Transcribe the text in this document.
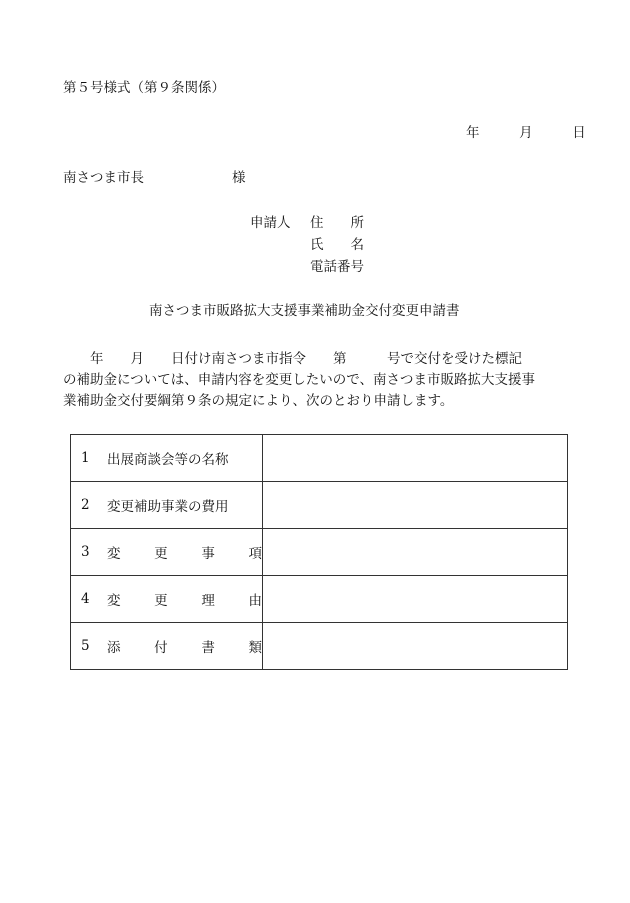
第５号様式（第９条関係）
年	月	日
南さつま市長	様
申請人 住　　所
氏　　名
電話番号
南さつま市販路拡大支援事業補助金交付変更申請書
　　年　　月　　日付け南さつま市指令　　第　　　号で交付を受けた標記
の補助金については、申請内容を変更したいので、南さつま市販路拡大支援事
業補助金交付要綱第９条の規定により、次のとおり申請します。
1 出展商談会等の名称	

2 変更補助事業の費用	

3 変 更 事 項	

4 変 更 理 由	

5 添 付 書 類	
